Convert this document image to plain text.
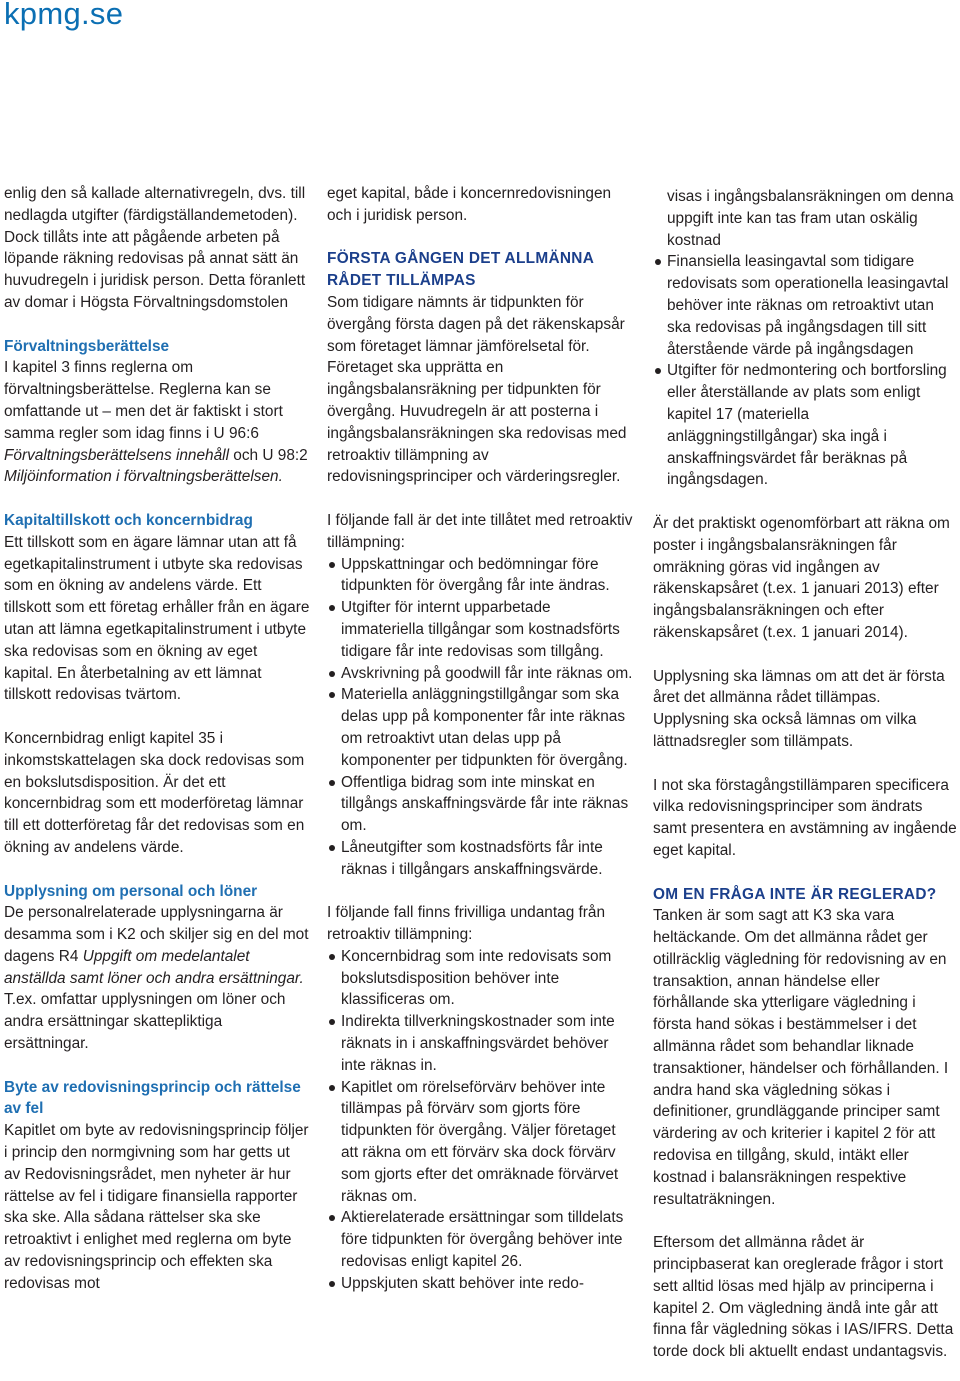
kpmg.se

enlig den så kallade alternativregeln, dvs. till nedlagda utgifter (färdigställandemetoden). Dock tillåts inte att pågående arbeten på löpande räkning redovisas på annat sätt än huvudregeln i juridisk person. Detta föranlett av domar i Högsta Förvaltningsdomstolen

Förvaltningsberättelse

I kapitel 3 finns reglerna om förvaltningsberättelse. Reglerna kan se omfattande ut – men det är faktiskt i stort samma regler som idag finns i U 96:6 Förvaltningsberättelsens innehåll och U 98:2 Miljöinformation i förvaltningsberättelsen.

Kapitaltillskott och koncernbidrag

Ett tillskott som en ägare lämnar utan att få egetkapitalinstrument i utbyte ska redovisas som en ökning av andelens värde. Ett tillskott som ett företag erhåller från en ägare utan att lämna egetkapitalinstrument i utbyte ska redovisas som en ökning av eget kapital. En återbetalning av ett lämnat tillskott redovisas tvärtom.

Koncernbidrag enligt kapitel 35 i inkomstskattelagen ska dock redovisas som en bokslutsdisposition. Är det ett koncernbidrag som ett moderföretag lämnar till ett dotterföretag får det redovisas som en ökning av andelens värde.

Upplysning om personal och löner

De personalrelaterade upplysningarna är desamma som i K2 och skiljer sig en del mot dagens R4 Uppgift om medelantalet anställda samt löner och andra ersättningar. T.ex. omfattar upplysningen om löner och andra ersättningar skattepliktiga ersättningar.

Byte av redovisningsprincip och rättelse av fel

Kapitlet om byte av redovisningsprincip följer i princip den normgivning som har getts ut av Redovisningsrådet, men nyheter är hur rättelse av fel i tidigare finansiella rapporter ska ske. Alla sådana rättelser ska ske retroaktivt i enlighet med reglerna om byte av redovisningsprincip och effekten ska redovisas mot

eget kapital, både i koncernredovisningen och i juridisk person.

FÖRSTA GÅNGEN DET ALLMÄNNA RÅDET TILLÄMPAS

Som tidigare nämnts är tidpunkten för övergång första dagen på det räkenskapsår som företaget lämnar jämförelsetal för. Företaget ska upprätta en ingångsbalansräkning per tidpunkten för övergång. Huvudregeln är att posterna i ingångsbalansräkningen ska redovisas med retroaktiv tillämpning av redovisningsprinciper och värderingsregler.

I följande fall är det inte tillåtet med retroaktiv tillämpning:

Uppskattningar och bedömningar före tidpunkten för övergång får inte ändras.
Utgifter för internt upparbetade immateriella tillgångar som kostnadsförts tidigare får inte redovisas som tillgång.
Avskrivning på goodwill får inte räknas om.
Materiella anläggningstillgångar som ska delas upp på komponenter får inte räknas om retroaktivt utan delas upp på komponenter per tidpunkten för övergång.
Offentliga bidrag som inte minskat en tillgångs anskaffningsvärde får inte räknas om.
Låneutgifter som kostnadsförts får inte räknas i tillgångars anskaffningsvärde.

I följande fall finns frivilliga undantag från retroaktiv tillämpning:

Koncernbidrag som inte redovisats som bokslutsdisposition behöver inte klassificeras om.
Indirekta tillverkningskostnader som inte räknats in i anskaffningsvärdet behöver inte räknas in.
Kapitlet om rörelseförvärv behöver inte tillämpas på förvärv som gjorts före tidpunkten för övergång. Väljer företaget att räkna om ett förvärv ska dock förvärv som gjorts efter det omräknade förvärvet räknas om.
Aktierelaterade ersättningar som tilldelats före tidpunkten för övergång behöver inte redovisas enligt kapitel 26.
Uppskjuten skatt behöver inte redo-

visas i ingångsbalansräkningen om denna uppgift inte kan tas fram utan oskälig kostnad

Finansiella leasingavtal som tidigare redovisats som operationella leasingavtal behöver inte räknas om retroaktivt utan ska redovisas på ingångsdagen till sitt återstående värde på ingångsdagen
Utgifter för nedmontering och bortforsling eller återställande av plats som enligt kapitel 17 (materiella anläggningstillgångar) ska ingå i anskaffningsvärdet får beräknas på ingångsdagen.

Är det praktiskt ogenomförbart att räkna om poster i ingångsbalansräkningen får omräkning göras vid ingången av räkenskapsåret (t.ex. 1 januari 2013) efter ingångsbalansräkningen och efter räkenskapsåret (t.ex. 1 januari 2014).

Upplysning ska lämnas om att det är första året det allmänna rådet tillämpas. Upplysning ska också lämnas om vilka lättnadsregler som tillämpats.

I not ska förstagångstillämparen specificera vilka redovisningsprinciper som ändrats samt presentera en avstämning av ingående eget kapital.

OM EN FRÅGA INTE ÄR REGLERAD?

Tanken är som sagt att K3 ska vara heltäckande. Om det allmänna rådet ger otillräcklig vägledning för redovisning av en transaktion, annan händelse eller förhållande ska ytterligare vägledning i första hand sökas i bestämmelser i det allmänna rådet som behandlar liknade transaktioner, händelser och förhållanden. I andra hand ska vägledning sökas i definitioner, grundläggande principer samt värdering av och kriterier i kapitel 2 för att redovisa en tillgång, skuld, intäkt eller kostnad i balansräkningen respektive resultaträkningen.

Eftersom det allmänna rådet är principbaserat kan oreglerade frågor i stort sett alltid lösas med hjälp av principerna i kapitel 2. Om vägledning ändå inte går att finna får vägledning sökas i IAS/IFRS. Detta torde dock bli aktuellt endast undantagsvis.
